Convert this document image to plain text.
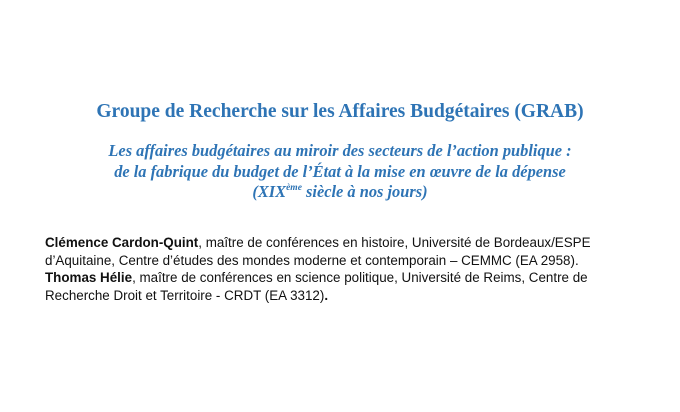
Groupe de Recherche sur les Affaires Budgétaires (GRAB)
Les affaires budgétaires au miroir des secteurs de l’action publique :
de la fabrique du budget de l’État à la mise en œuvre de la dépense
(XIXème siècle à nos jours)
Clémence Cardon-Quint, maître de conférences en histoire, Université de Bordeaux/ESPE
d’Aquitaine, Centre d’études des mondes moderne et contemporain – CEMMC (EA 2958).
Thomas Hélie, maître de conférences en science politique, Université de Reims, Centre de
Recherche Droit et Territoire - CRDT (EA 3312).
